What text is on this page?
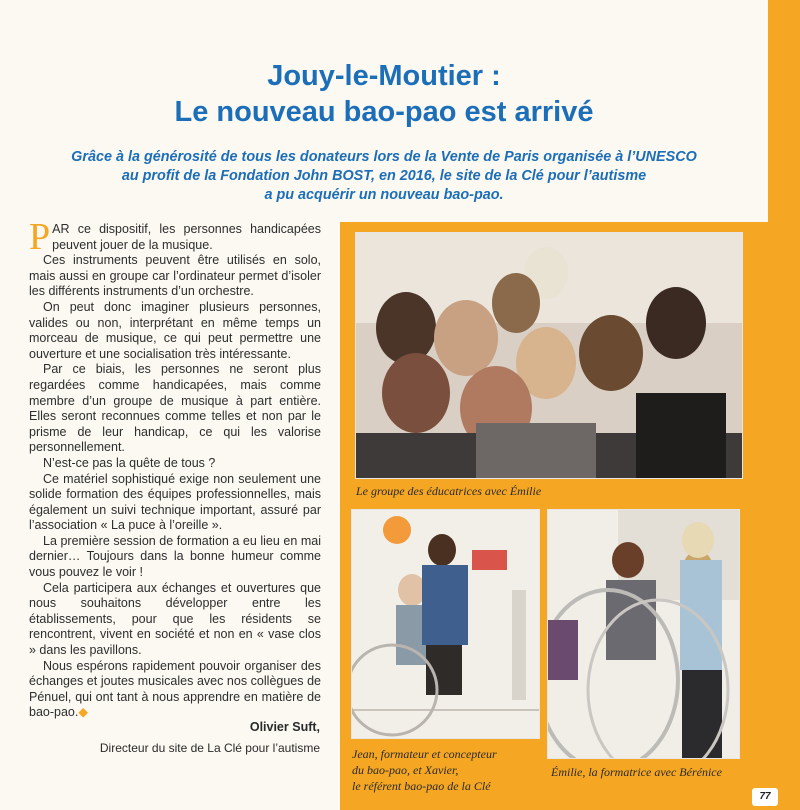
Jouy-le-Moutier :
Le nouveau bao-pao est arrivé
Grâce à la générosité de tous les donateurs lors de la Vente de Paris organisée à l’UNESCO
au profit de la Fondation John BOST, en 2016, le site de la Clé pour l’autisme
a pu acquérir un nouveau bao-pao.

PAR ce dispositif, les personnes handicapées peuvent jouer de la musique.

Ces instruments peuvent être utilisés en solo, mais aussi en groupe car l’ordinateur permet d’isoler les différents instruments d’un orchestre.

On peut donc imaginer plusieurs personnes, valides ou non, interprétant en même temps un morceau de musique, ce qui peut permettre une ouverture et une socialisation très intéressante.

Par ce biais, les personnes ne seront plus regardées comme handicapées, mais comme membre d’un groupe de musique à part entière. Elles seront reconnues comme telles et non par le prisme de leur handicap, ce qui les valorise personnellement.

N’est-ce pas la quête de tous ?

Ce matériel sophistiqué exige non seulement une solide formation des équipes professionnelles, mais également un suivi technique important, assuré par l’association « La puce à l’oreille ».

La première session de formation a eu lieu en mai dernier… Toujours dans la bonne humeur comme vous pouvez le voir !

Cela participera aux échanges et ouvertures que nous souhaitons développer entre les établissements, pour que les résidents se rencontrent, vivent en société et non en « vase clos » dans les pavillons.

Nous espérons rapidement pouvoir organiser des échanges et joutes musicales avec nos collègues de Pénuel, qui ont tant à nous apprendre en matière de bao-pao.◆

Olivier Suft,
Directeur du site de La Clé pour l’autisme
Le groupe des éducatrices avec Émilie
Jean, formateur et concepteur
du bao-pao, et Xavier,
le référent bao-pao de la Clé
Émilie, la formatrice avec Bérénice
77
